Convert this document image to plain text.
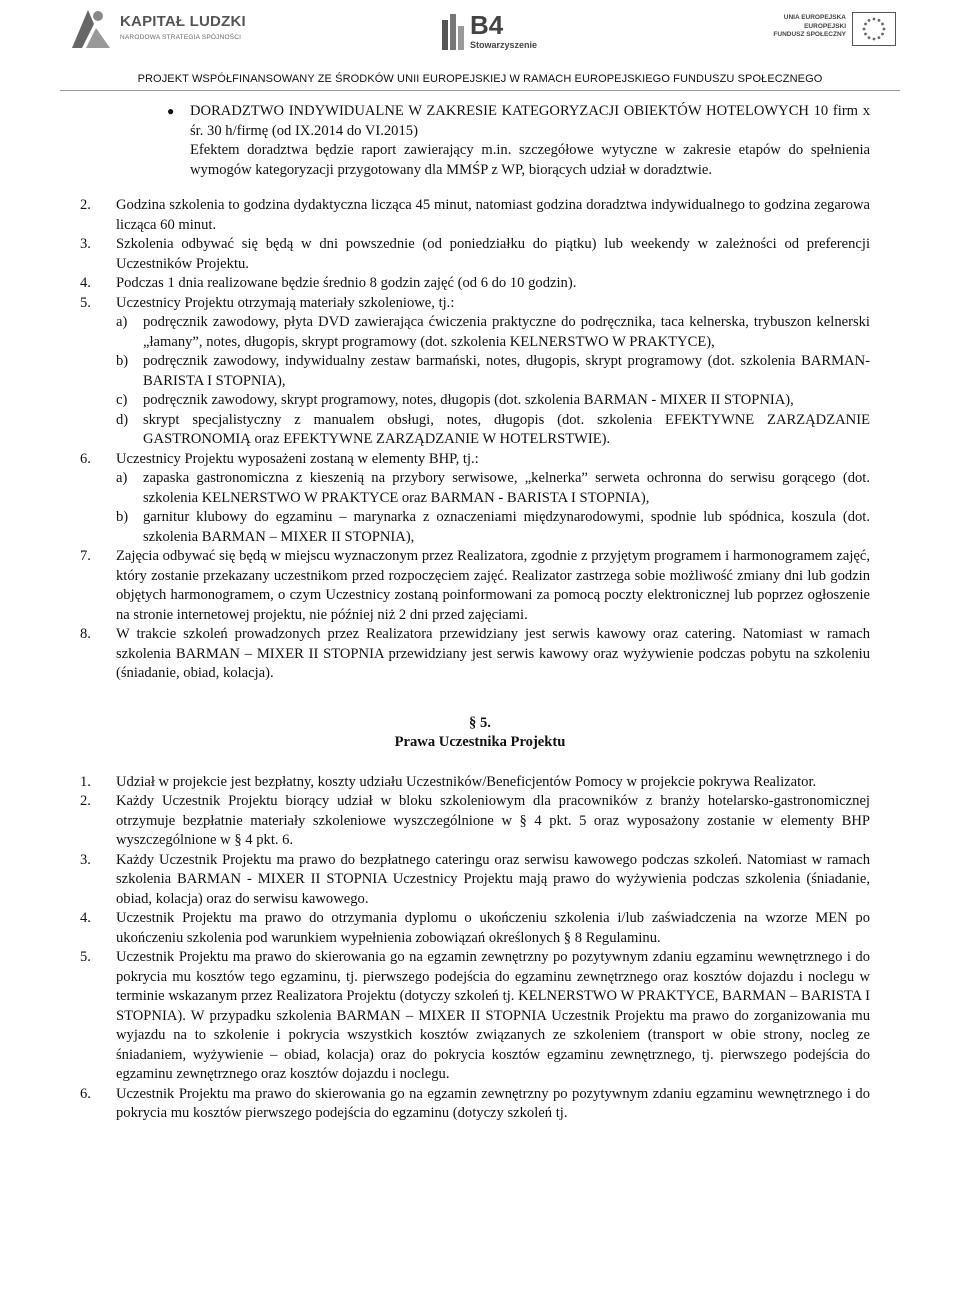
KAPITAŁ LUDZKI
NARODOWA STRATEGIA SPÓJNOŚCI	B4
Stowarzyszenie
UNIA EUROPEJSKA
EUROPEJSKI
FUNDUSZ SPOŁECZNY
PROJEKT WSPÓŁFINANSOWANY ZE ŚRODKÓW UNII EUROPEJSKIEJ W RAMACH EUROPEJSKIEGO FUNDUSZU SPOŁECZNEGO
● DORADZTWO INDYWIDUALNE W ZAKRESIE KATEGORYZACJI OBIEKTÓW HOTELOWYCH 10 firm x śr. 30 h/firmę (od IX.2014 do VI.2015)
Efektem doradztwa będzie raport zawierający m.in. szczegółowe wytyczne w zakresie etapów do spełnienia wymogów kategoryzacji przygotowany dla MMŚP z WP, biorących udział w doradztwie.
2. Godzina szkolenia to godzina dydaktyczna licząca 45 minut, natomiast godzina doradztwa indywidualnego to godzina zegarowa licząca 60 minut.
3. Szkolenia odbywać się będą w dni powszednie (od poniedziałku do piątku) lub weekendy w zależności od preferencji Uczestników Projektu.
4. Podczas 1 dnia realizowane będzie średnio 8 godzin zajęć (od 6 do 10 godzin).
5. Uczestnicy Projektu otrzymają materiały szkoleniowe, tj.:
a) podręcznik zawodowy, płyta DVD zawierająca ćwiczenia praktyczne do podręcznika, taca kelnerska, trybuszon kelnerski „łamany”, notes, długopis, skrypt programowy (dot. szkolenia KELNERSTWO W PRAKTYCE),
b) podręcznik zawodowy, indywidualny zestaw barmański, notes, długopis, skrypt programowy (dot. szkolenia BARMAN-BARISTA I STOPNIA),
c) podręcznik zawodowy, skrypt programowy, notes, długopis (dot. szkolenia BARMAN - MIXER II STOPNIA),
d) skrypt specjalistyczny z manualem obsługi, notes, długopis (dot. szkolenia EFEKTYWNE ZARZĄDZANIE GASTRONOMIĄ oraz EFEKTYWNE ZARZĄDZANIE W HOTELRSTWIE).
6. Uczestnicy Projektu wyposażeni zostaną w elementy BHP, tj.:
a) zapaska gastronomiczna z kieszenią na przybory serwisowe, „kelnerka” serweta ochronna do serwisu gorącego (dot. szkolenia KELNERSTWO W PRAKTYCE oraz BARMAN - BARISTA I STOPNIA),
b) garnitur klubowy do egzaminu – marynarka z oznaczeniami międzynarodowymi, spodnie lub spódnica, koszula (dot. szkolenia BARMAN – MIXER II STOPNIA),
7. Zajęcia odbywać się będą w miejscu wyznaczonym przez Realizatora, zgodnie z przyjętym programem i harmonogramem zajęć, który zostanie przekazany uczestnikom przed rozpoczęciem zajęć. Realizator zastrzega sobie możliwość zmiany dni lub godzin objętych harmonogramem, o czym Uczestnicy zostaną poinformowani za pomocą poczty elektronicznej lub poprzez ogłoszenie na stronie internetowej projektu, nie później niż 2 dni przed zajęciami.
8. W trakcie szkoleń prowadzonych przez Realizatora przewidziany jest serwis kawowy oraz catering. Natomiast w ramach szkolenia BARMAN – MIXER II STOPNIA przewidziany jest serwis kawowy oraz wyżywienie podczas pobytu na szkoleniu (śniadanie, obiad, kolacja).
§ 5.
Prawa Uczestnika Projektu
1. Udział w projekcie jest bezpłatny, koszty udziału Uczestników/Beneficjentów Pomocy w projekcie pokrywa Realizator.
2. Każdy Uczestnik Projektu biorący udział w bloku szkoleniowym dla pracowników z branży hotelarsko-gastronomicznej otrzymuje bezpłatnie materiały szkoleniowe wyszczególnione w § 4 pkt. 5 oraz wyposażony zostanie w elementy BHP wyszczególnione w § 4 pkt. 6.
3. Każdy Uczestnik Projektu ma prawo do bezpłatnego cateringu oraz serwisu kawowego podczas szkoleń. Natomiast w ramach szkolenia BARMAN - MIXER II STOPNIA Uczestnicy Projektu mają prawo do wyżywienia podczas szkolenia (śniadanie, obiad, kolacja) oraz do serwisu kawowego.
4. Uczestnik Projektu ma prawo do otrzymania dyplomu o ukończeniu szkolenia i/lub zaświadczenia na wzorze MEN po ukończeniu szkolenia pod warunkiem wypełnienia zobowiązań określonych § 8 Regulaminu.
5. Uczestnik Projektu ma prawo do skierowania go na egzamin zewnętrzny po pozytywnym zdaniu egzaminu wewnętrznego i do pokrycia mu kosztów tego egzaminu, tj. pierwszego podejścia do egzaminu zewnętrznego oraz kosztów dojazdu i noclegu w terminie wskazanym przez Realizatora Projektu (dotyczy szkoleń tj. KELNERSTWO W PRAKTYCE, BARMAN – BARISTA I STOPNIA). W przypadku szkolenia BARMAN – MIXER II STOPNIA Uczestnik Projektu ma prawo do zorganizowania mu wyjazdu na to szkolenie i pokrycia wszystkich kosztów związanych ze szkoleniem (transport w obie strony, nocleg ze śniadaniem, wyżywienie – obiad, kolacja) oraz do pokrycia kosztów egzaminu zewnętrznego, tj. pierwszego podejścia do egzaminu zewnętrznego oraz kosztów dojazdu i noclegu.
6. Uczestnik Projektu ma prawo do skierowania go na egzamin zewnętrzny po pozytywnym zdaniu egzaminu wewnętrznego i do pokrycia mu kosztów pierwszego podejścia do egzaminu (dotyczy szkoleń tj.
